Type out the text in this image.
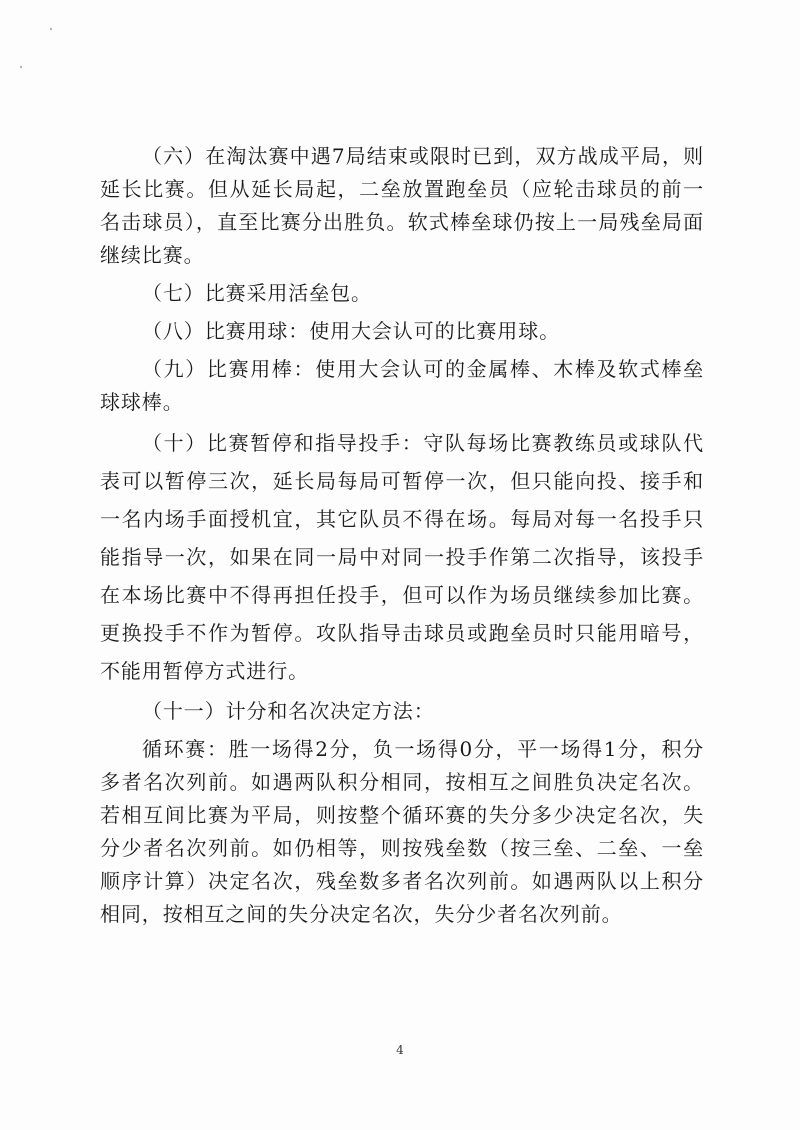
（六）在淘汰赛中遇7局结束或限时已到，双方战成平局，则延长比赛。但从延长局起，二垒放置跑垒员（应轮击球员的前一名击球员），直至比赛分出胜负。软式棒垒球仍按上一局残垒局面继续比赛。

（七）比赛采用活垒包。

（八）比赛用球：使用大会认可的比赛用球。

（九）比赛用棒：使用大会认可的金属棒、木棒及软式棒垒球球棒。

（十）比赛暂停和指导投手：守队每场比赛教练员或球队代表可以暂停三次，延长局每局可暂停一次，但只能向投、接手和一名内场手面授机宜，其它队员不得在场。每局对每一名投手只能指导一次，如果在同一局中对同一投手作第二次指导，该投手在本场比赛中不得再担任投手，但可以作为场员继续参加比赛。更换投手不作为暂停。攻队指导击球员或跑垒员时只能用暗号，不能用暂停方式进行。

（十一）计分和名次决定方法：

循环赛：胜一场得2分，负一场得0分，平一场得1分，积分多者名次列前。如遇两队积分相同，按相互之间胜负决定名次。若相互间比赛为平局，则按整个循环赛的失分多少决定名次，失分少者名次列前。如仍相等，则按残垒数（按三垒、二垒、一垒顺序计算）决定名次，残垒数多者名次列前。如遇两队以上积分相同，按相互之间的失分决定名次，失分少者名次列前。

4
